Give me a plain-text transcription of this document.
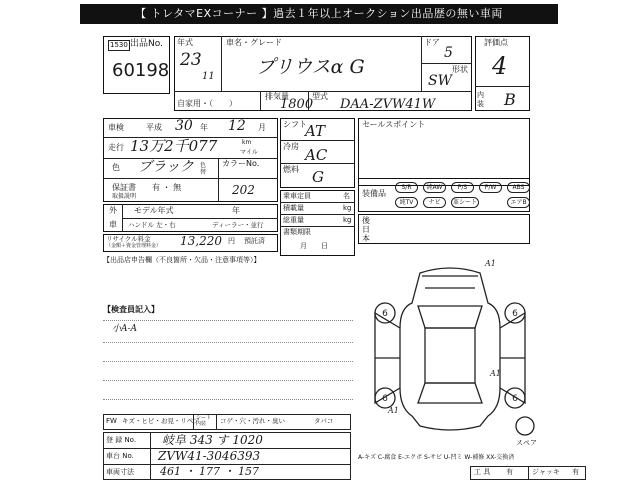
【 トレタマEXコーナー 】過去１年以上オークション出品歴の無い車両
出品No.
1530
60198
年式
23
11
車名・グレード
プリウスα G
ドア
5
形状
SW
自家用・（　　）
排気量
1800
型式
DAA-ZVW41W
評価点
4
内装 B
車検	平成 30 年 12 月
走行 13万2千077	km
マイル
色 ブラック 色替
カラーNo.
202
保証書 有 ・ 無
取扱説明
シフト
AT
冷房 AC
燃料 G
外
車
モデル年式	年
ハンドル 左・右	ディーラー・並行
乗車定員	名
積載量	kg
総重量	kg
書類期限
月　　日
リサイクル料金
（金額＋資金管理料金） 13,220 円 預託済
【出品店申告欄（不良箇所・欠品・注意事項等）】
セールスポイント
装備品
S/R	純AW	P/S	P/W	ABS
純TV	ナビ	革シート	エアB
後
日
本
【検査員記入】
小A-A
FW キズ・ヒビ・お見・リペア
シート内装	コゲ・穴・汚れ・臭い	タバコ
登 録 No. 岐阜 343 す 1020
車台 No. ZVW41-3046393
車両寸法 461 ・ 177 ・ 157	工 具 有	ジャッキ 有
6	6
6	6
A1
A1
A1
スペア
A-キズ C-腐食 E-エクボ S-サビ U-凹ミ W-補修 XX-交換済
